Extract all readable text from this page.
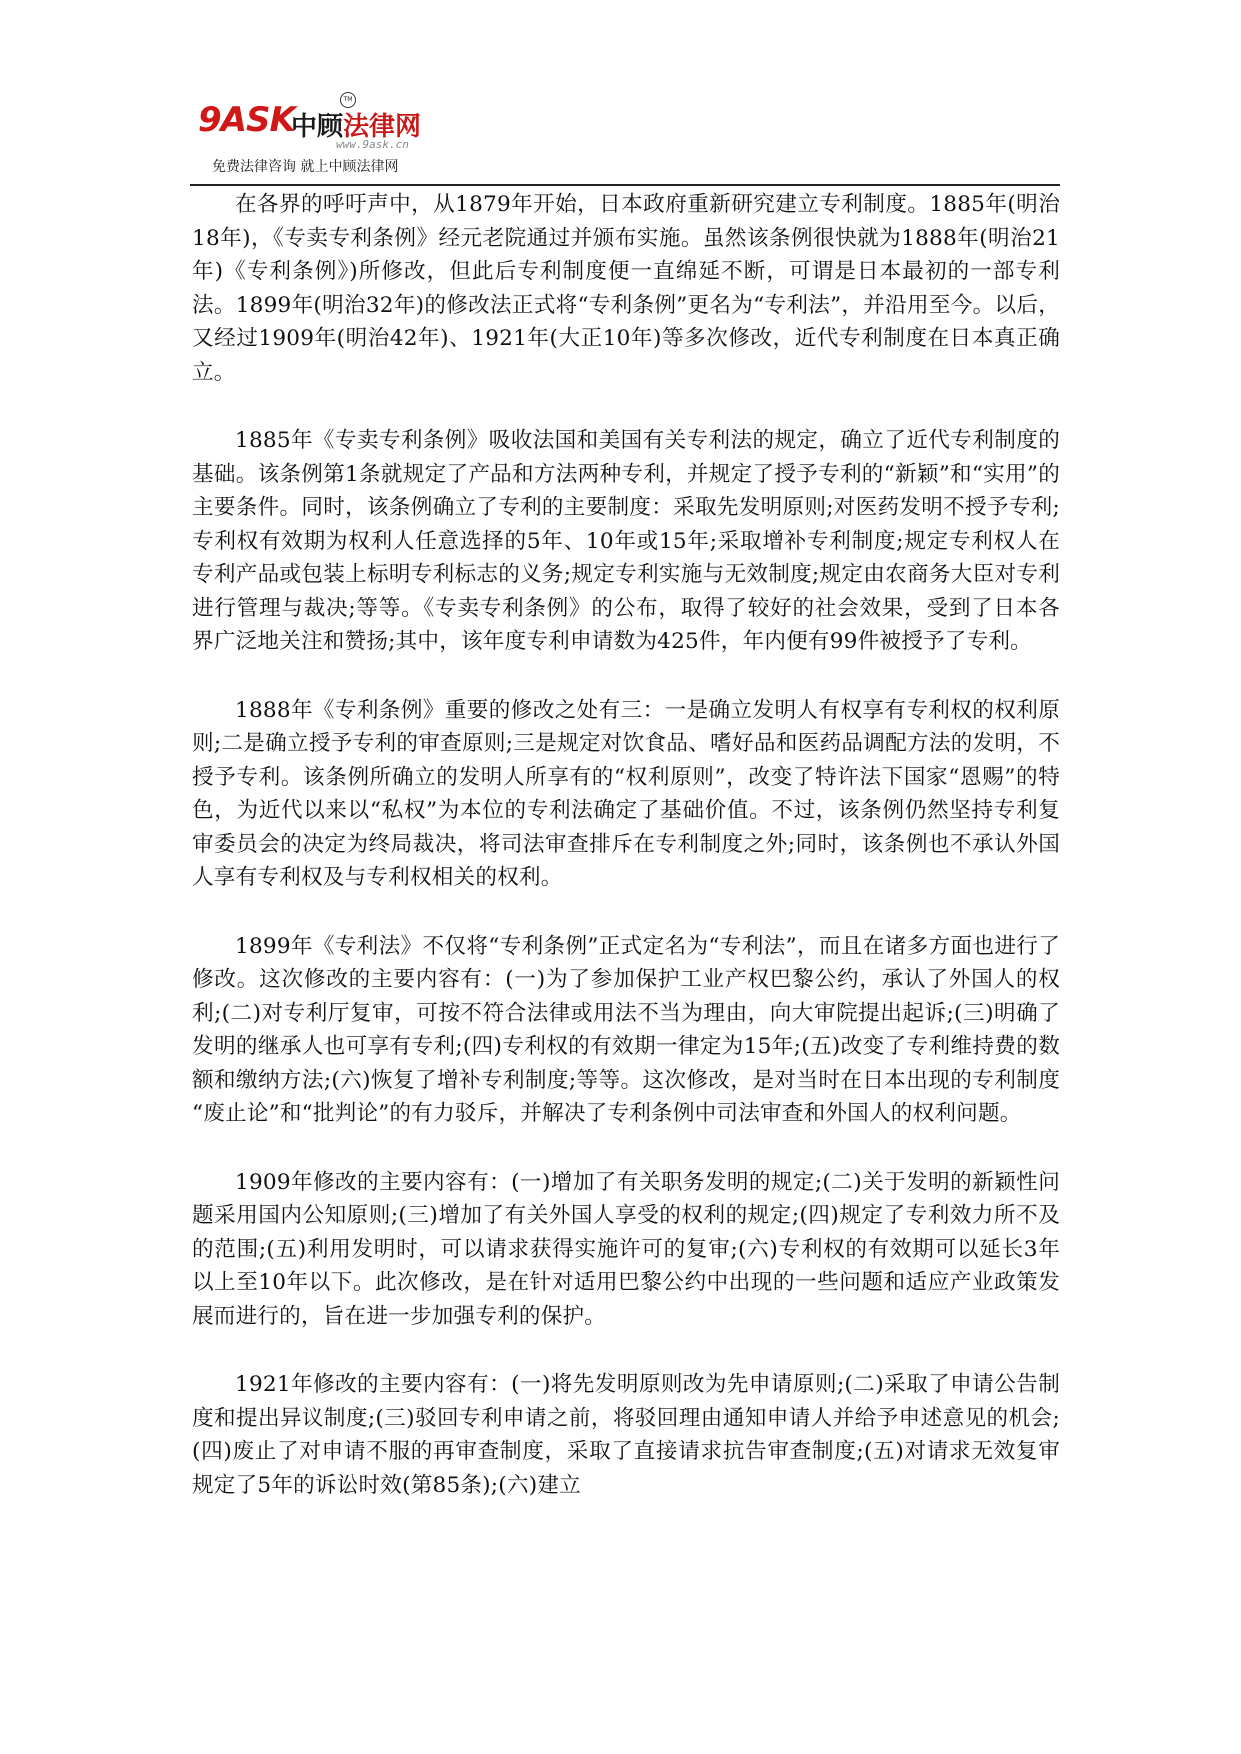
9ASK
中顾法律网
TM
www.9ask.cn
免费法律咨询 就上中顾法律网

在各界的呼吁声中，从1879年开始，日本政府重新研究建立专利制度。1885年(明治18年)，《专卖专利条例》经元老院通过并颁布实施。虽然该条例很快就为1888年(明治21年)《专利条例》)所修改，但此后专利制度便一直绵延不断，可谓是日本最初的一部专利法。1899年(明治32年)的修改法正式将“专利条例”更名为“专利法”，并沿用至今。以后，又经过1909年(明治42年)、1921年(大正10年)等多次修改，近代专利制度在日本真正确立。

1885年《专卖专利条例》吸收法国和美国有关专利法的规定，确立了近代专利制度的基础。该条例第1条就规定了产品和方法两种专利，并规定了授予专利的“新颖”和“实用”的主要条件。同时，该条例确立了专利的主要制度：采取先发明原则;对医药发明不授予专利;专利权有效期为权利人任意选择的5年、10年或15年;采取增补专利制度;规定专利权人在专利产品或包装上标明专利标志的义务;规定专利实施与无效制度;规定由农商务大臣对专利进行管理与裁决;等等。《专卖专利条例》的公布，取得了较好的社会效果，受到了日本各界广泛地关注和赞扬;其中，该年度专利申请数为425件，年内便有99件被授予了专利。

1888年《专利条例》重要的修改之处有三：一是确立发明人有权享有专利权的权利原则;二是确立授予专利的审查原则;三是规定对饮食品、嗜好品和医药品调配方法的发明，不授予专利。该条例所确立的发明人所享有的“权利原则”，改变了特许法下国家“恩赐”的特色，为近代以来以“私权”为本位的专利法确定了基础价值。不过，该条例仍然坚持专利复审委员会的决定为终局裁决，将司法审查排斥在专利制度之外;同时，该条例也不承认外国人享有专利权及与专利权相关的权利。

1899年《专利法》不仅将“专利条例”正式定名为“专利法”，而且在诸多方面也进行了修改。这次修改的主要内容有：(一)为了参加保护工业产权巴黎公约，承认了外国人的权利;(二)对专利厅复审，可按不符合法律或用法不当为理由，向大审院提出起诉;(三)明确了发明的继承人也可享有专利;(四)专利权的有效期一律定为15年;(五)改变了专利维持费的数额和缴纳方法;(六)恢复了增补专利制度;等等。这次修改，是对当时在日本出现的专利制度 “废止论”和“批判论”的有力驳斥，并解决了专利条例中司法审查和外国人的权利问题。

1909年修改的主要内容有：(一)增加了有关职务发明的规定;(二)关于发明的新颖性问题采用国内公知原则;(三)增加了有关外国人享受的权利的规定;(四)规定了专利效力所不及的范围;(五)利用发明时，可以请求获得实施许可的复审;(六)专利权的有效期可以延长3年以上至10年以下。此次修改，是在针对适用巴黎公约中出现的一些问题和适应产业政策发展而进行的，旨在进一步加强专利的保护。

1921年修改的主要内容有：(一)将先发明原则改为先申请原则;(二)采取了申请公告制度和提出异议制度;(三)驳回专利申请之前，将驳回理由通知申请人并给予申述意见的机会;(四)废止了对申请不服的再审查制度，采取了直接请求抗告审查制度;(五)对请求无效复审规定了5年的诉讼时效(第85条);(六)建立
